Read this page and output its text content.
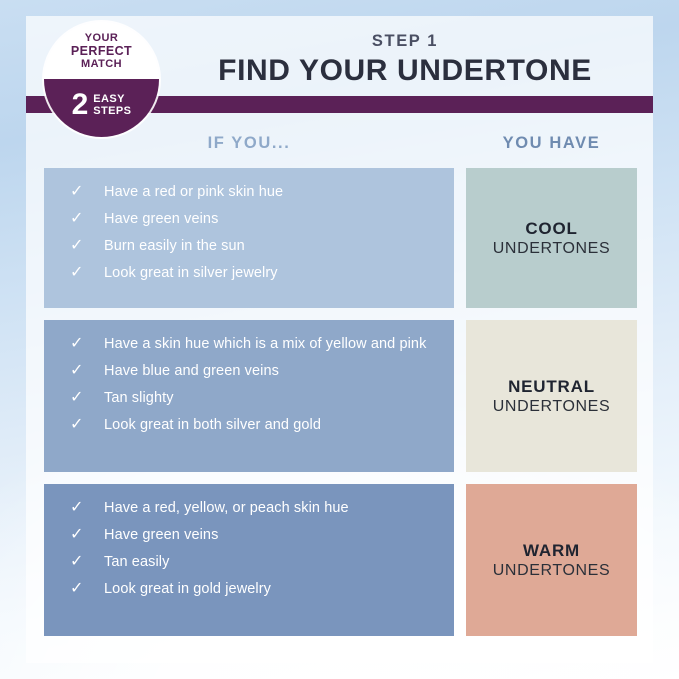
STEP 1
FIND YOUR UNDERTONE
YOUR
PERFECT
MATCH
2 EASY
STEPS
IF YOU...	YOU HAVE
✓	Have a red or pink skin hue
✓	Have green veins
✓	Burn easily in the sun
✓	Look great in silver jewelry
COOL
UNDERTONES
✓	Have a skin hue which is a mix of yellow and pink
✓	Have blue and green veins
✓	Tan slighty
✓	Look great in both silver and gold
NEUTRAL
UNDERTONES
✓	Have a red, yellow, or peach skin hue
✓	Have green veins
✓	Tan easily
✓	Look great in gold jewelry
WARM
UNDERTONES
